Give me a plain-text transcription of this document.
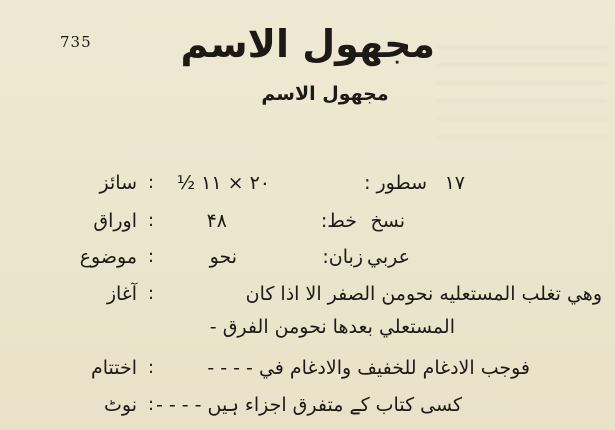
735 مجهول الاسم
مجهول الاسم
سائز : ۲۰ × ۱۱ ½	سطور : ۱۷
اوراق :	۴۸	خط: نسخ
موضوع :	نحو	زبان: عربي
آغاز :	وهي تغلب المستعليه نحومن الصفر الا اذا كان
المستعلي بعدها نحومن الفرق -
اختتام :	فوجب الادغام للخفيف والادغام في - - - -
نوٹ : کسی کتاب کے متفرق اجزاء ہیں - - - -
